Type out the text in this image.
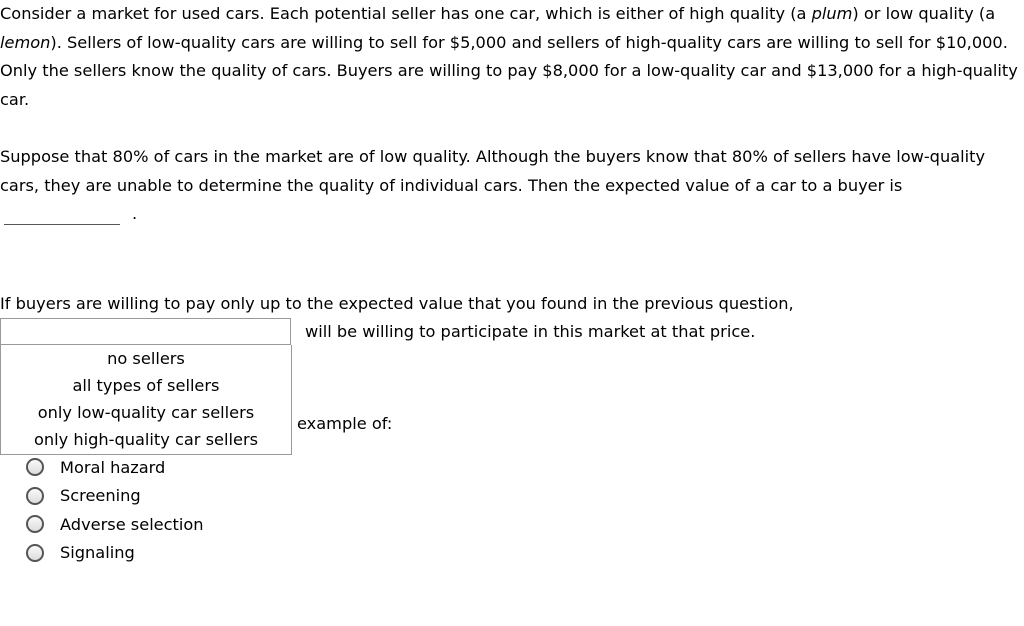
Consider a market for used cars. Each potential seller has one car, which is either of high quality (a plum) or low quality (a lemon). Sellers of low-quality cars are willing to sell for $5,000 and sellers of high-quality cars are willing to sell for $10,000. Only the sellers know the quality of cars. Buyers are willing to pay $8,000 for a low-quality car and $13,000 for a high-quality car.

Suppose that 80% of cars in the market are of low quality. Although the buyers know that 80% of sellers have low-quality cars, they are unable to determine the quality of individual cars. Then the expected value of a car to a buyer is .

If buyers are willing to pay only up to the expected value that you found in the previous question,

will be willing to participate in this market at that price.
no sellers
all types of sellers
only low-quality car sellers
only high-quality car sellers
example of:
Moral hazard
Screening
Adverse selection
Signaling
